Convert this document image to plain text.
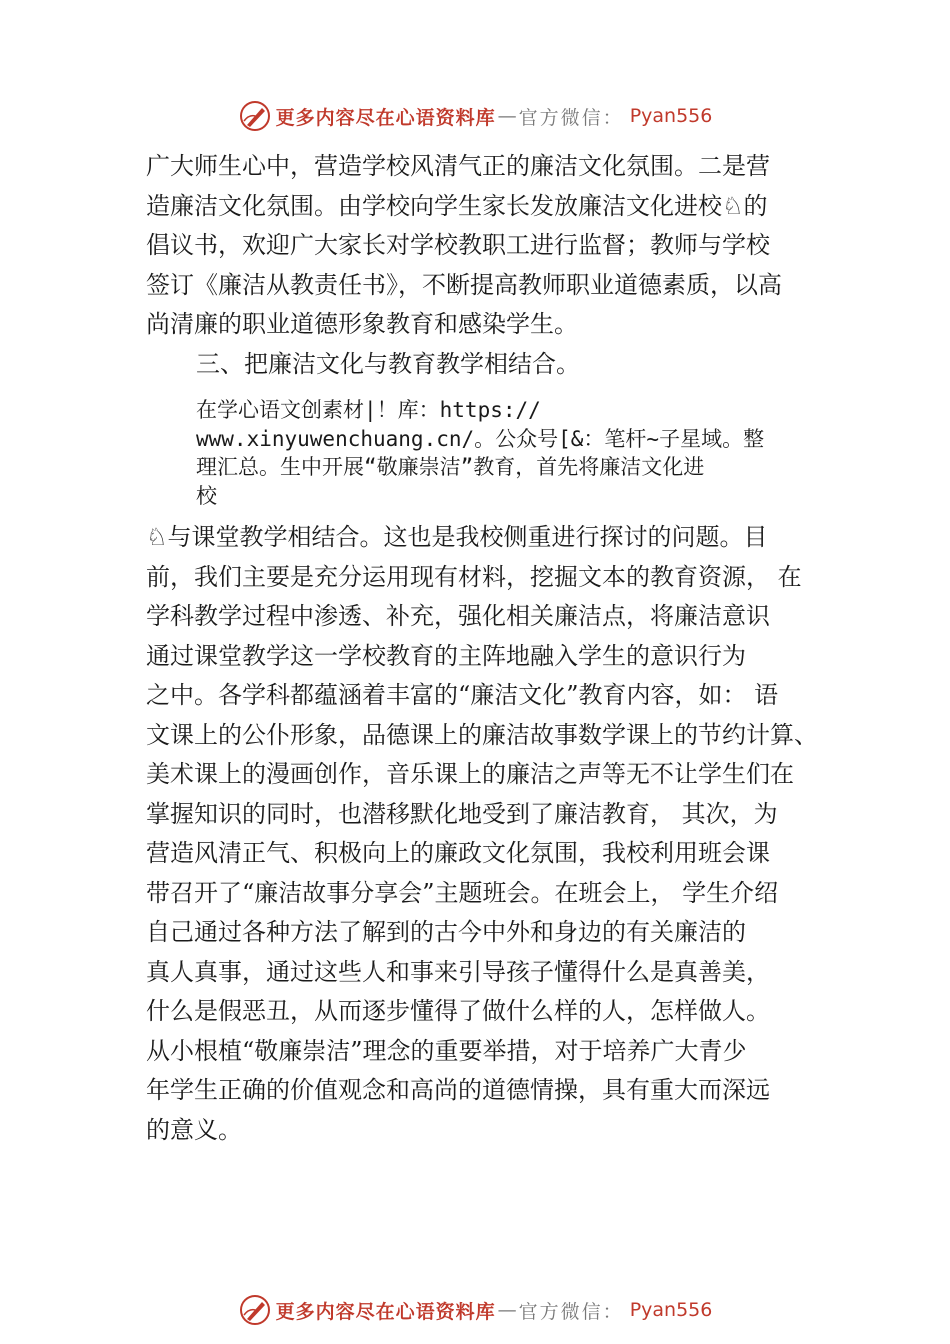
更多内容尽在心语资料库 — 官方微信： Pyan556
广大师生心中，营造学校风清气正的廉洁文化氛围。二是营
造廉洁文化氛围。由学校向学生家长发放廉洁文化进校♘的
倡议书，欢迎广大家长对学校教职工进行监督；教师与学校
签订《廉洁从教责任书》，不断提高教师职业道德素质，以高
尚清廉的职业道德形象教育和感染学生。
三、把廉洁文化与教育教学相结合。
在学心语文创素材|！库：https://
www.xinyuwenchuang.cn/。公众号[&：笔杆~子星域。整
理汇总。生中开展“敬廉崇洁”教育，首先将廉洁文化进
校
♘与课堂教学相结合。这也是我校侧重进行探讨的问题。目
前，我们主要是充分运用现有材料，挖掘文本的教育资源， 在
学科教学过程中渗透、补充，强化相关廉洁点，将廉洁意识
通过课堂教学这一学校教育的主阵地融入学生的意识行为
之中。各学科都蕴涵着丰富的“廉洁文化”教育内容，如： 语
文课上的公仆形象，品德课上的廉洁故事数学课上的节约计算、
美术课上的漫画创作，音乐课上的廉洁之声等无不让学生们在
掌握知识的同时，也潜移默化地受到了廉洁教育， 其次，为
营造风清正气、积极向上的廉政文化氛围，我校利用班会课
带召开了“廉洁故事分享会”主题班会。在班会上， 学生介绍
自己通过各种方法了解到的古今中外和身边的有关廉洁的
真人真事，通过这些人和事来引导孩子懂得什么是真善美，
什么是假恶丑，从而逐步懂得了做什么样的人，怎样做人。
从小根植“敬廉崇洁”理念的重要举措，对于培养广大青少
年学生正确的价值观念和高尚的道德情操，具有重大而深远
的意义。
更多内容尽在心语资料库 — 官方微信： Pyan556
